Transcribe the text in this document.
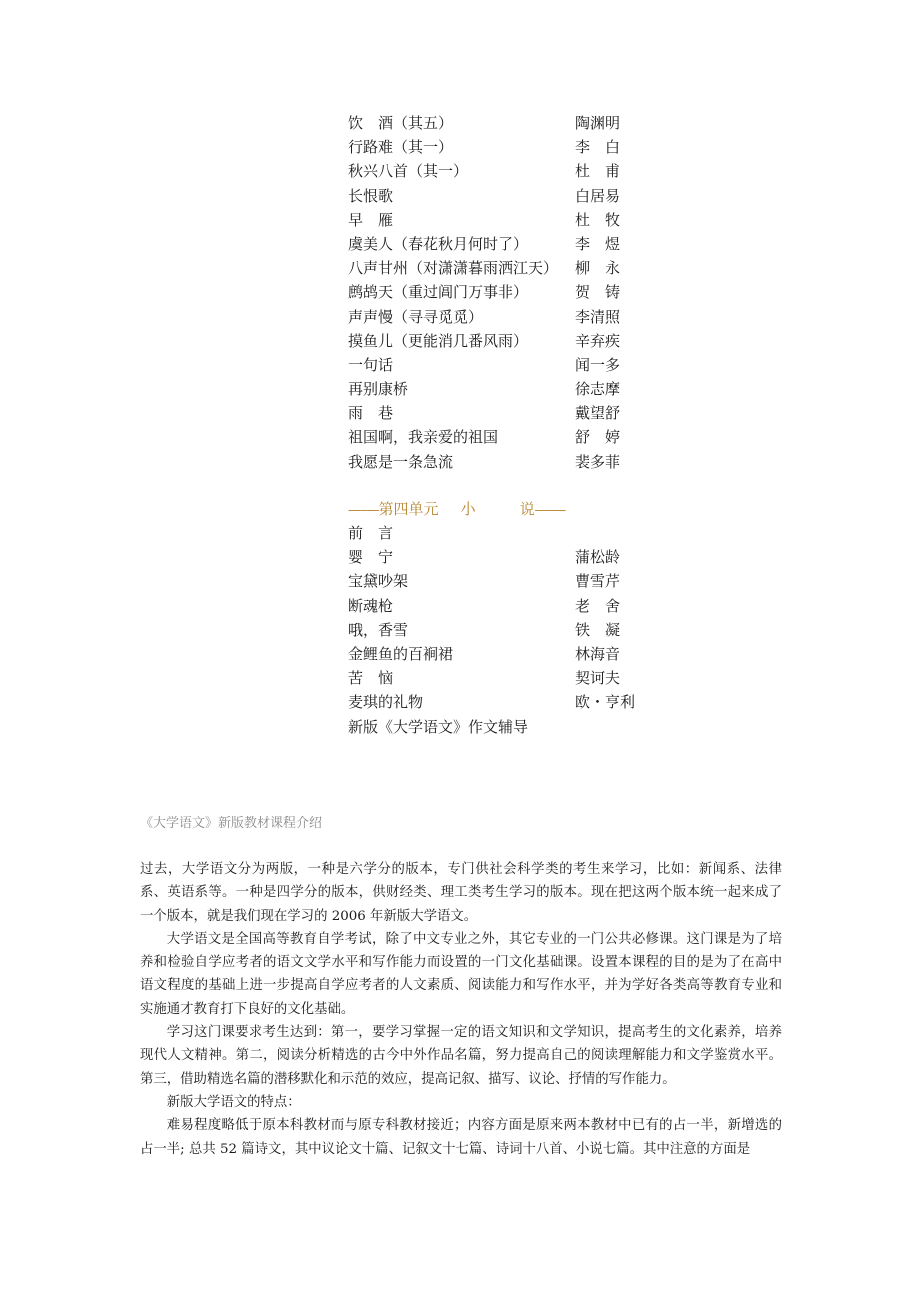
饮　酒（其五）	陶渊明
行路难（其一）	李　白
秋兴八首（其一）	杜　甫
长恨歌	白居易
早　雁	杜　牧
虞美人（春花秋月何时了）	李　煜
八声甘州（对潇潇暮雨洒江天） 柳　永
鹧鸪天（重过阊门万事非）	贺　铸
声声慢（寻寻觅觅）	李清照
摸鱼儿（更能消几番风雨）	辛弃疾
一句话	闻一多
再别康桥	徐志摩
雨　巷	戴望舒
祖国啊，我亲爱的祖国	舒　婷
我愿是一条急流	裴多菲
----------第四单元 小	说----------
前　言
婴　宁	蒲松龄
宝黛吵架	曹雪芹
断魂枪	老　舍
哦，香雪	铁　凝
金鲤鱼的百裥裙	林海音
苦　恼	契诃夫
麦琪的礼物	欧・亨利
新版《大学语文》作文辅导
《大学语文》新版教材课程介绍

过去，大学语文分为两版，一种是六学分的版本，专门供社会科学类的考生来学习，比如：新闻系、法律系、英语系等。一种是四学分的版本，供财经类、理工类考生学习的版本。现在把这两个版本统一起来成了一个版本，就是我们现在学习的 2006 年新版大学语文。

大学语文是全国高等教育自学考试，除了中文专业之外，其它专业的一门公共必修课。这门课是为了培养和检验自学应考者的语文文学水平和写作能力而设置的一门文化基础课。设置本课程的目的是为了在高中语文程度的基础上进一步提高自学应考者的人文素质、阅读能力和写作水平，并为学好各类高等教育专业和实施通才教育打下良好的文化基础。

学习这门课要求考生达到：第一，要学习掌握一定的语文知识和文学知识，提高考生的文化素养，培养现代人文精神。第二，阅读分析精选的古今中外作品名篇，努力提高自己的阅读理解能力和文学鉴赏水平。第三，借助精选名篇的潜移默化和示范的效应，提高记叙、描写、议论、抒情的写作能力。

新版大学语文的特点：

难易程度略低于原本科教材而与原专科教材接近；内容方面是原来两本教材中已有的占一半，新增选的占一半; 总共 52 篇诗文，其中议论文十篇、记叙文十七篇、诗词十八首、小说七篇。其中注意的方面是
